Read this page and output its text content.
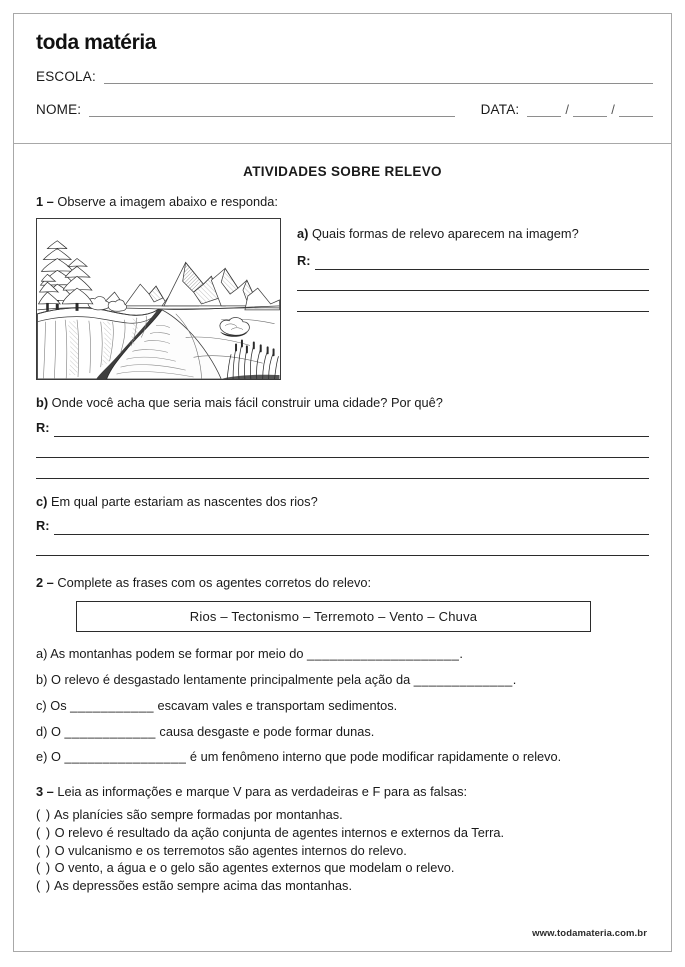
toda matéria
ESCOLA:
NOME:	DATA:	/	/
ATIVIDADES SOBRE RELEVO
1 – Observe a imagem abaixo e responda:
a) Quais formas de relevo aparecem na imagem?
R:
b) Onde você acha que seria mais fácil construir uma cidade? Por quê?
R:
c) Em qual parte estariam as nascentes dos rios?
R:
2 – Complete as frases com os agentes corretos do relevo:
Rios – Tectonismo – Terremoto – Vento – Chuva
a) As montanhas podem se formar por meio do ____________________.
b) O relevo é desgastado lentamente principalmente pela ação da _____________.
c) Os ___________ escavam vales e transportam sedimentos.
d) O ____________ causa desgaste e pode formar dunas.
e) O ________________ é um fenômeno interno que pode modificar rapidamente o relevo.
3 – Leia as informações e marque V para as verdadeiras e F para as falsas:
( ) As planícies são sempre formadas por montanhas.
( ) O relevo é resultado da ação conjunta de agentes internos e externos da Terra.
( ) O vulcanismo e os terremotos são agentes internos do relevo.
( ) O vento, a água e o gelo são agentes externos que modelam o relevo.
( ) As depressões estão sempre acima das montanhas.
www.todamateria.com.br
